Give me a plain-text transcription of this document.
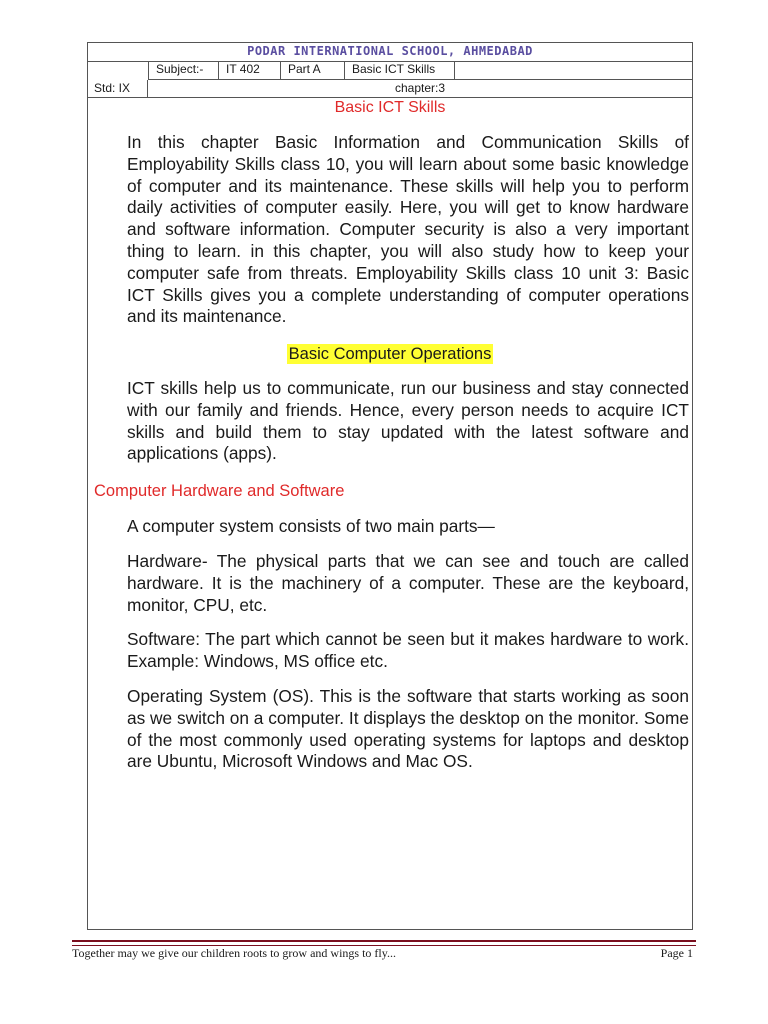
PODAR INTERNATIONAL SCHOOL, AHMEDABAD
Subject:-	IT 402	Part A	Basic ICT Skills
Std: IX	chapter:3
Basic ICT Skills
In this chapter Basic Information and Communication Skills of Employability Skills class 10, you will learn about some basic knowledge of computer and its maintenance. These skills will help you to perform daily activities of computer easily. Here, you will get to know hardware and software information. Computer security is also a very important thing to learn. in this chapter, you will also study how to keep your computer safe from threats. Employability Skills class 10 unit 3: Basic ICT Skills gives you a complete understanding of computer operations and its maintenance.
Basic Computer Operations
ICT skills help us to communicate, run our business and stay connected with our family and friends. Hence, every person needs to acquire ICT skills and build them to stay updated with the latest software and applications (apps).
Computer Hardware and Software
A computer system consists of two main parts—
Hardware- The physical parts that we can see and touch are called hardware. It is the machinery of a computer. These are the keyboard, monitor, CPU, etc.
Software: The part which cannot be seen but it makes hardware to work. Example: Windows, MS office etc.
Operating System (OS). This is the software that starts working as soon as we switch on a computer. It displays the desktop on the monitor. Some of the most commonly used operating systems for laptops and desktop are Ubuntu, Microsoft Windows and Mac OS.
Together may we give our children roots to grow and wings to fly...	Page 1
